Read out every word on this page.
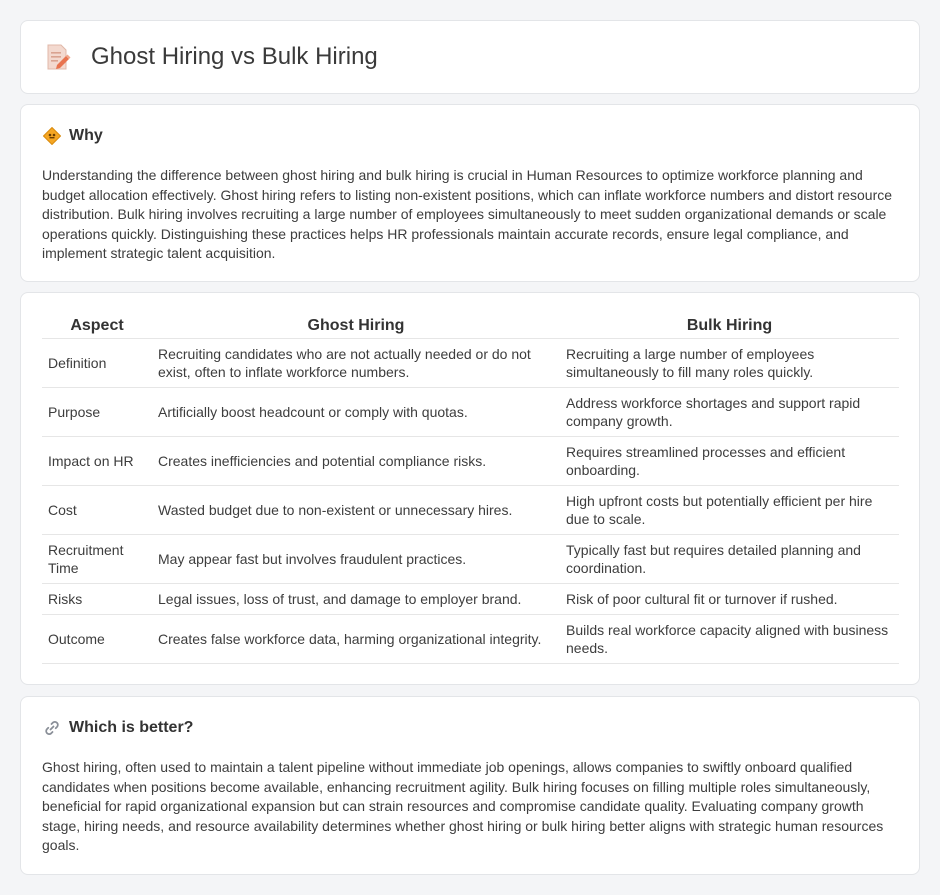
Ghost Hiring vs Bulk Hiring
Why

Understanding the difference between ghost hiring and bulk hiring is crucial in Human Resources to optimize workforce planning and budget allocation effectively. Ghost hiring refers to listing non-existent positions, which can inflate workforce numbers and distort resource distribution. Bulk hiring involves recruiting a large number of employees simultaneously to meet sudden organizational demands or scale operations quickly. Distinguishing these practices helps HR professionals maintain accurate records, ensure legal compliance, and implement strategic talent acquisition.

Aspect	Ghost Hiring	Bulk Hiring
Definition	Recruiting candidates who are not actually needed or do not exist, often to inflate workforce numbers.	Recruiting a large number of employees simultaneously to fill many roles quickly.
Purpose	Artificially boost headcount or comply with quotas.	Address workforce shortages and support rapid company growth.
Impact on HR	Creates inefficiencies and potential compliance risks.	Requires streamlined processes and efficient onboarding.
Cost	Wasted budget due to non-existent or unnecessary hires.	High upfront costs but potentially efficient per hire due to scale.
Recruitment Time	May appear fast but involves fraudulent practices.	Typically fast but requires detailed planning and coordination.
Risks	Legal issues, loss of trust, and damage to employer brand.	Risk of poor cultural fit or turnover if rushed.
Outcome	Creates false workforce data, harming organizational integrity.	Builds real workforce capacity aligned with business needs.
Which is better?

Ghost hiring, often used to maintain a talent pipeline without immediate job openings, allows companies to swiftly onboard qualified candidates when positions become available, enhancing recruitment agility. Bulk hiring focuses on filling multiple roles simultaneously, beneficial for rapid organizational expansion but can strain resources and compromise candidate quality. Evaluating company growth stage, hiring needs, and resource availability determines whether ghost hiring or bulk hiring better aligns with strategic human resources goals.
